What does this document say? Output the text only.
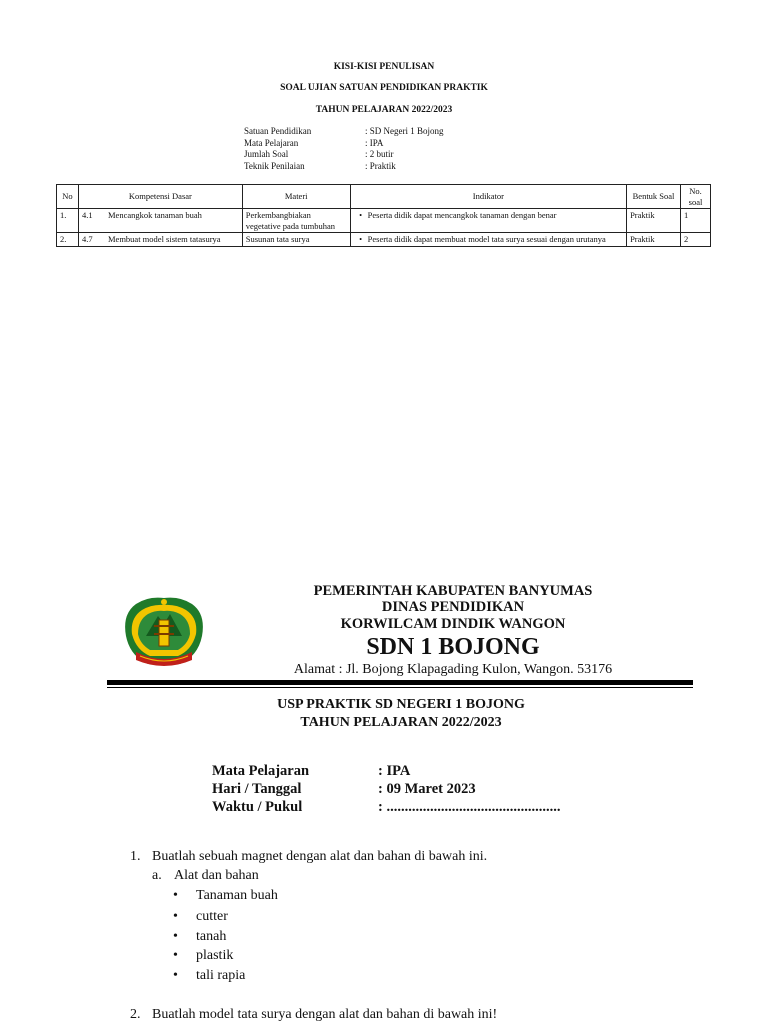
KISI-KISI PENULISAN
SOAL UJIAN SATUAN PENDIDIKAN PRAKTIK
TAHUN PELAJARAN 2022/2023
Satuan Pendidikan	: SD Negeri 1 Bojong
Mata Pelajaran	: IPA
Jumlah Soal	: 2 butir
Teknik Penilaian	: Praktik
No	Kompetensi Dasar	Materi	Indikator	Bentuk Soal	No. soal
1.	4.1 Mencangkok tanaman buah	Perkembangbiakan vegetative pada tumbuhan	• Peserta didik dapat mencangkok tanaman dengan benar	Praktik	1
2.	4.7 Membuat model sistem tatasurya	Susunan tata surya	• Peserta didik dapat membuat model tata surya sesuai dengan urutanya	Praktik	2
PEMERINTAH KABUPATEN BANYUMAS
DINAS PENDIDIKAN
KORWILCAM DINDIK WANGON
SDN 1 BOJONG
Alamat : Jl. Bojong Klapagading Kulon, Wangon. 53176
USP PRAKTIK SD NEGERI 1 BOJONG
TAHUN PELAJARAN 2022/2023
Mata Pelajaran	: IPA
Hari / Tanggal	: 09 Maret 2023
Waktu / Pukul	: ................................................
1. Buatlah sebuah magnet dengan alat dan bahan di bawah ini.
a. Alat dan bahan
• Tanaman buah
• cutter
• tanah
• plastik
• tali rapia
2. Buatlah model tata surya dengan alat dan bahan di bawah ini!
